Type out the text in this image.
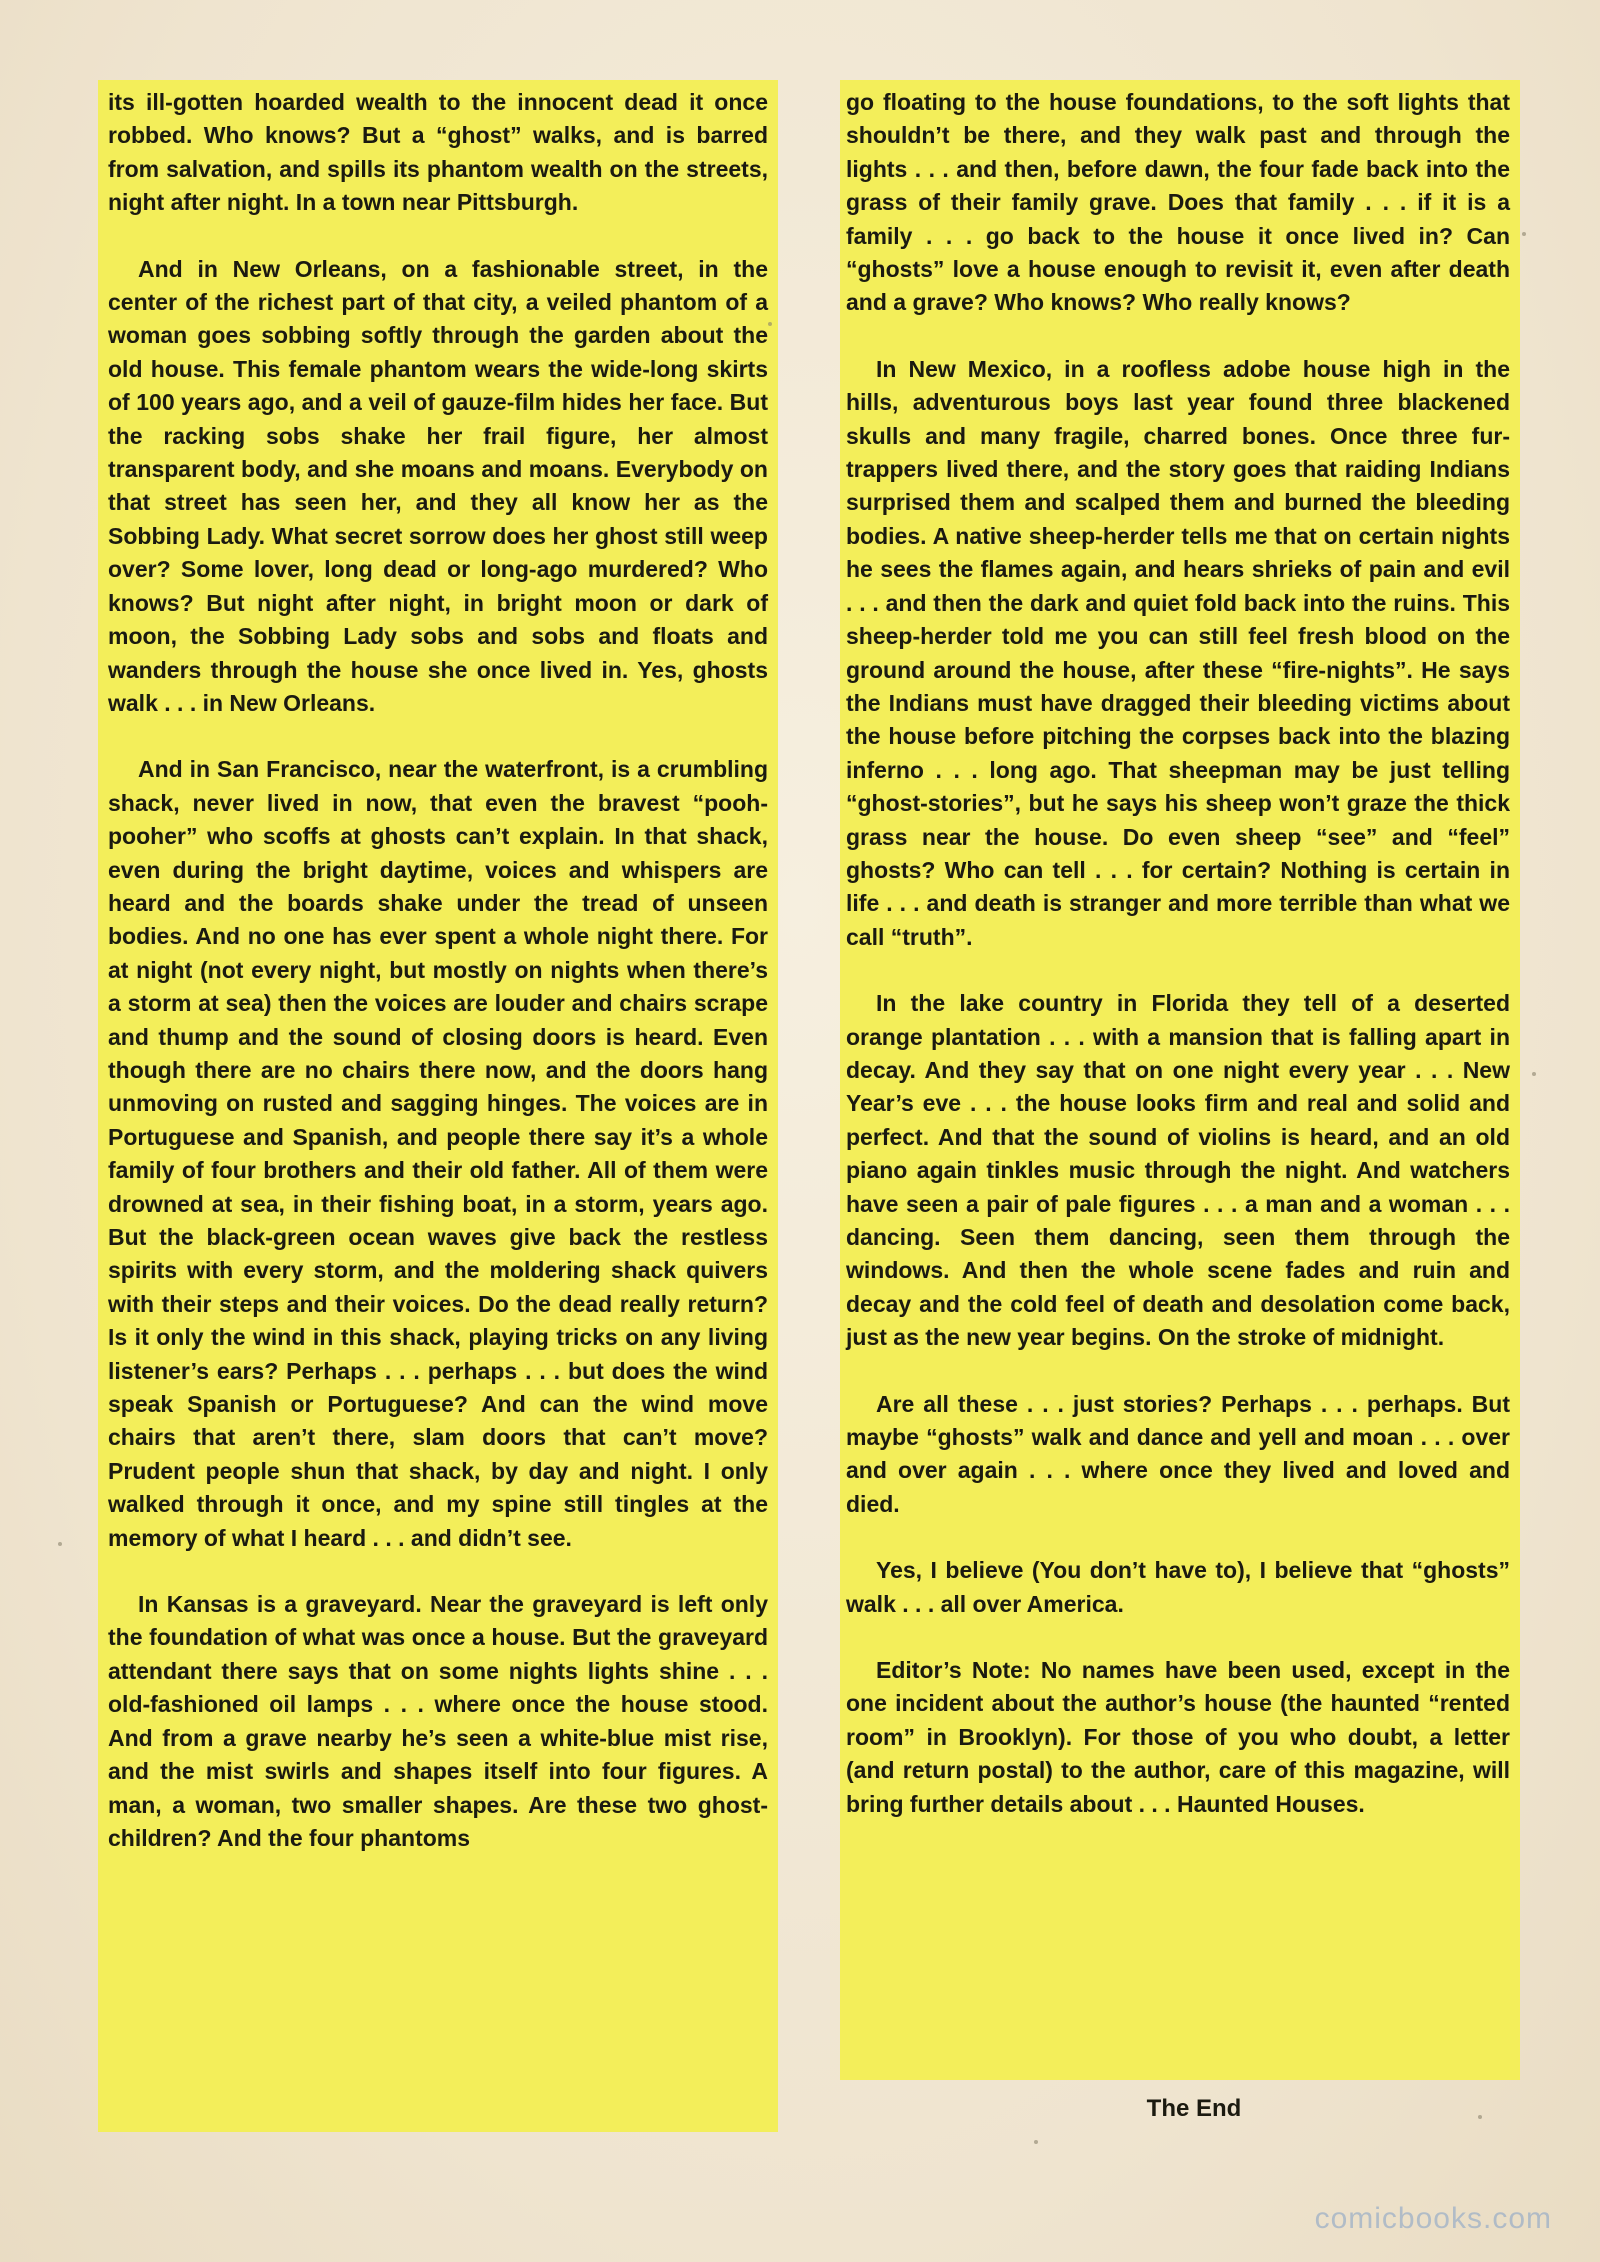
its ill-gotten hoarded wealth to the innocent dead it once robbed. Who knows? But a “ghost” walks, and is barred from salvation, and spills its phantom wealth on the streets, night after night. In a town near Pittsburgh.

And in New Orleans, on a fashionable street, in the center of the richest part of that city, a veiled phantom of a woman goes sobbing softly through the garden about the old house. This female phantom wears the wide-long skirts of 100 years ago, and a veil of gauze-film hides her face. But the racking sobs shake her frail figure, her almost transparent body, and she moans and moans. Everybody on that street has seen her, and they all know her as the Sobbing Lady. What secret sorrow does her ghost still weep over? Some lover, long dead or long-ago murdered? Who knows? But night after night, in bright moon or dark of moon, the Sobbing Lady sobs and sobs and floats and wanders through the house she once lived in. Yes, ghosts walk . . . in New Orleans.

And in San Francisco, near the waterfront, is a crumbling shack, never lived in now, that even the bravest “pooh-pooher” who scoffs at ghosts can’t explain. In that shack, even during the bright daytime, voices and whispers are heard and the boards shake under the tread of unseen bodies. And no one has ever spent a whole night there. For at night (not every night, but mostly on nights when there’s a storm at sea) then the voices are louder and chairs scrape and thump and the sound of closing doors is heard. Even though there are no chairs there now, and the doors hang unmoving on rusted and sagging hinges. The voices are in Portuguese and Spanish, and people there say it’s a whole family of four brothers and their old father. All of them were drowned at sea, in their fishing boat, in a storm, years ago. But the black-green ocean waves give back the restless spirits with every storm, and the moldering shack quivers with their steps and their voices. Do the dead really return? Is it only the wind in this shack, playing tricks on any living listener’s ears? Perhaps . . . perhaps . . . but does the wind speak Spanish or Portuguese? And can the wind move chairs that aren’t there, slam doors that can’t move? Prudent people shun that shack, by day and night. I only walked through it once, and my spine still tingles at the memory of what I heard . . . and didn’t see.

In Kansas is a graveyard. Near the graveyard is left only the foundation of what was once a house. But the graveyard attendant there says that on some nights lights shine . . . old-fashioned oil lamps . . . where once the house stood. And from a grave nearby he’s seen a white-blue mist rise, and the mist swirls and shapes itself into four figures. A man, a woman, two smaller shapes. Are these two ghost-children? And the four phantoms

go floating to the house foundations, to the soft lights that shouldn’t be there, and they walk past and through the lights . . . and then, before dawn, the four fade back into the grass of their family grave. Does that family . . . if it is a family . . . go back to the house it once lived in? Can “ghosts” love a house enough to revisit it, even after death and a grave? Who knows? Who really knows?

In New Mexico, in a roofless adobe house high in the hills, adventurous boys last year found three blackened skulls and many fragile, charred bones. Once three fur-trappers lived there, and the story goes that raiding Indians surprised them and scalped them and burned the bleeding bodies. A native sheep-herder tells me that on certain nights he sees the flames again, and hears shrieks of pain and evil . . . and then the dark and quiet fold back into the ruins. This sheep-herder told me you can still feel fresh blood on the ground around the house, after these “fire-nights”. He says the Indians must have dragged their bleeding victims about the house before pitching the corpses back into the blazing inferno . . . long ago. That sheepman may be just telling “ghost-stories”, but he says his sheep won’t graze the thick grass near the house. Do even sheep “see” and “feel” ghosts? Who can tell . . . for certain? Nothing is certain in life . . . and death is stranger and more terrible than what we call “truth”.

In the lake country in Florida they tell of a deserted orange plantation . . . with a mansion that is falling apart in decay. And they say that on one night every year . . . New Year’s eve . . . the house looks firm and real and solid and perfect. And that the sound of violins is heard, and an old piano again tinkles music through the night. And watchers have seen a pair of pale figures . . . a man and a woman . . . dancing. Seen them dancing, seen them through the windows. And then the whole scene fades and ruin and decay and the cold feel of death and desolation come back, just as the new year begins. On the stroke of midnight.

Are all these . . . just stories? Perhaps . . . perhaps. But maybe “ghosts” walk and dance and yell and moan . . . over and over again . . . where once they lived and loved and died.

Yes, I believe (You don’t have to), I believe that “ghosts” walk . . . all over America.

Editor’s Note: No names have been used, except in the one incident about the author’s house (the haunted “rented room” in Brooklyn). For those of you who doubt, a letter (and return postal) to the author, care of this magazine, will bring further details about . . . Haunted Houses.

The End
comicbooks.com
